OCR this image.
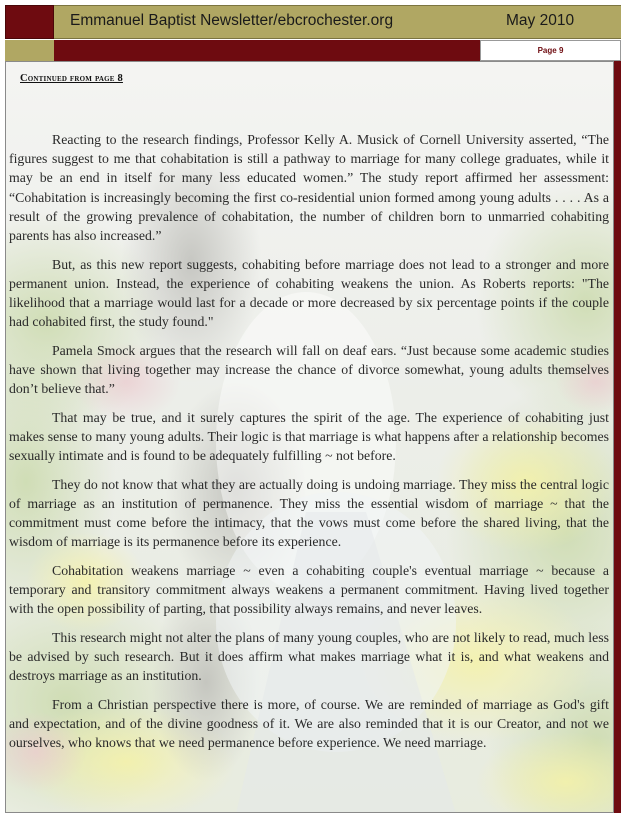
Emmanuel Baptist Newsletter/ebcrochester.org	May 2010
Page 9
Continued from page 8

Reacting to the research findings, Professor Kelly A. Musick of Cornell University asserted, “The figures suggest to me that cohabitation is still a pathway to marriage for many college graduates, while it may be an end in itself for many less educated women.” The study report affirmed her assessment: “Cohabitation is increasingly becoming the first co-residential union formed among young adults . . . . As a result of the growing prevalence of cohabitation, the number of children born to unmarried cohabiting parents has also increased.”

But, as this new report suggests, cohabiting before marriage does not lead to a stronger and more permanent union. Instead, the experience of cohabiting weakens the union. As Roberts reports: "The likelihood that a marriage would last for a decade or more decreased by six percentage points if the couple had cohabited first, the study found."

Pamela Smock argues that the research will fall on deaf ears. “Just because some academic studies have shown that living together may increase the chance of divorce somewhat, young adults themselves don’t believe that.”

That may be true, and it surely captures the spirit of the age. The experience of cohabiting just makes sense to many young adults. Their logic is that marriage is what happens after a relationship becomes sexually intimate and is found to be adequately fulfilling ~ not before.

They do not know that what they are actually doing is undoing marriage. They miss the central logic of marriage as an institution of permanence. They miss the essential wisdom of marriage ~ that the commitment must come before the intimacy, that the vows must come before the shared living, that the wisdom of marriage is its permanence before its experience.

Cohabitation weakens marriage ~ even a cohabiting couple's eventual marriage ~ because a temporary and transitory commitment always weakens a permanent commitment. Having lived together with the open possibility of parting, that possibility always remains, and never leaves.

This research might not alter the plans of many young couples, who are not likely to read, much less be advised by such research. But it does affirm what makes marriage what it is, and what weakens and destroys marriage as an institution.

From a Christian perspective there is more, of course. We are reminded of marriage as God's gift and expectation, and of the divine goodness of it. We are also reminded that it is our Creator, and not we ourselves, who knows that we need permanence before experience. We need marriage.
